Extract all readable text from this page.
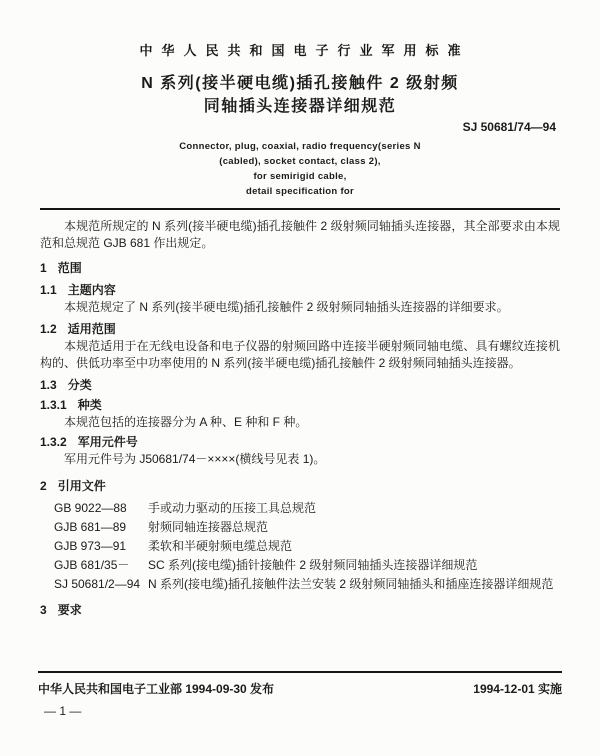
中华人民共和国电子行业军用标准
N 系列(接半硬电缆)插孔接触件 2 级射频
同轴插头连接器详细规范
SJ 50681/74—94
Connector, plug, coaxial, radio frequency(series N
(cabled), socket contact, class 2),
for semirigid cable,
detail specification for

本规范所规定的 N 系列(接半硬电缆)插孔接触件 2 级射频同轴插头连接器，其全部要求由本规范和总规范 GJB 681 作出规定。

1 范围
1.1 主题内容

本规范规定了 N 系列(接半硬电缆)插孔接触件 2 级射频同轴插头连接器的详细要求。

1.2 适用范围

本规范适用于在无线电设备和电子仪器的射频回路中连接半硬射频同轴电缆、具有螺纹连接机构的、供低功率至中功率使用的 N 系列(接半硬电缆)插孔接触件 2 级射频同轴插头连接器。

1.3 分类
1.3.1 种类

本规范包括的连接器分为 A 种、E 种和 F 种。

1.3.2 军用元件号

军用元件号为 J50681/74－××××(横线号见表 1)。

2 引用文件
GB 9022—88	手或动力驱动的压接工具总规范
GJB 681—89	射频同轴连接器总规范
GJB 973—91	柔软和半硬射频电缆总规范
GJB 681/35－	SC 系列(接电缆)插针接触件 2 级射频同轴插头连接器详细规范
SJ 50681/2—94 N 系列(接电缆)插孔接触件法兰安装 2 级射频同轴插头和插座连接器详细规范
3 要求
中华人民共和国电子工业部 1994-09-30 发布	1994-12-01 实施
— 1 —
